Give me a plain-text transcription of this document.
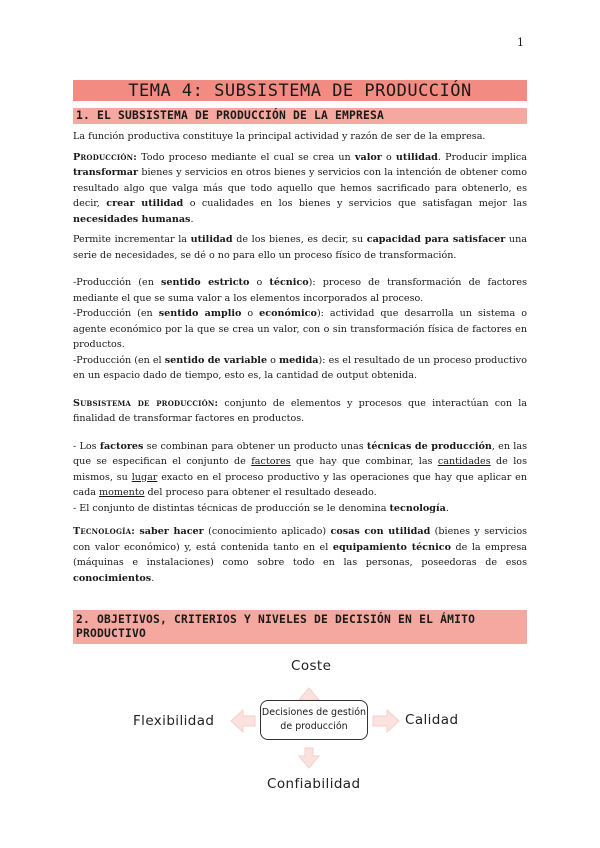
1
TEMA 4: SUBSISTEMA DE PRODUCCIÓN
1. EL SUBSISTEMA DE PRODUCCIÓN DE LA EMPRESA

La función productiva constituye la principal actividad y razón de ser de la empresa.

Producción: Todo proceso mediante el cual se crea un valor o utilidad. Producir implica transformar bienes y servicios en otros bienes y servicios con la intención de obtener como resultado algo que valga más que todo aquello que hemos sacrificado para obtenerlo, es decir, crear utilidad o cualidades en los bienes y servicios que satisfagan mejor las necesidades humanas.

Permite incrementar la utilidad de los bienes, es decir, su capacidad para satisfacer una serie de necesidades, se dé o no para ello un proceso físico de transformación.

-Producción (en sentido estricto o técnico): proceso de transformación de factores mediante el que se suma valor a los elementos incorporados al proceso.

-Producción (en sentido amplio o económico): actividad que desarrolla un sistema o agente económico por la que se crea un valor, con o sin transformación física de factores en productos.

-Producción (en el sentido de variable o medida): es el resultado de un proceso productivo en un espacio dado de tiempo, esto es, la cantidad de output obtenida.

Subsistema de producción: conjunto de elementos y procesos que interactúan con la finalidad de transformar factores en productos.

- Los factores se combinan para obtener un producto unas técnicas de producción, en las que se especifican el conjunto de factores que hay que combinar, las cantidades de los mismos, su lugar exacto en el proceso productivo y las operaciones que hay que aplicar en cada momento del proceso para obtener el resultado deseado.

- El conjunto de distintas técnicas de producción se le denomina tecnología.

Tecnología: saber hacer (conocimiento aplicado) cosas con utilidad (bienes y servicios con valor económico) y, está contenida tanto en el equipamiento técnico de la empresa (máquinas e instalaciones) como sobre todo en las personas, poseedoras de esos conocimientos.

2. OBJETIVOS, CRITERIOS Y NIVELES DE DECISIÓN EN EL ÁMITO PRODUCTIVO
Coste
Flexibilidad	Calidad
Confiabilidad
Decisiones de gestión de producción
